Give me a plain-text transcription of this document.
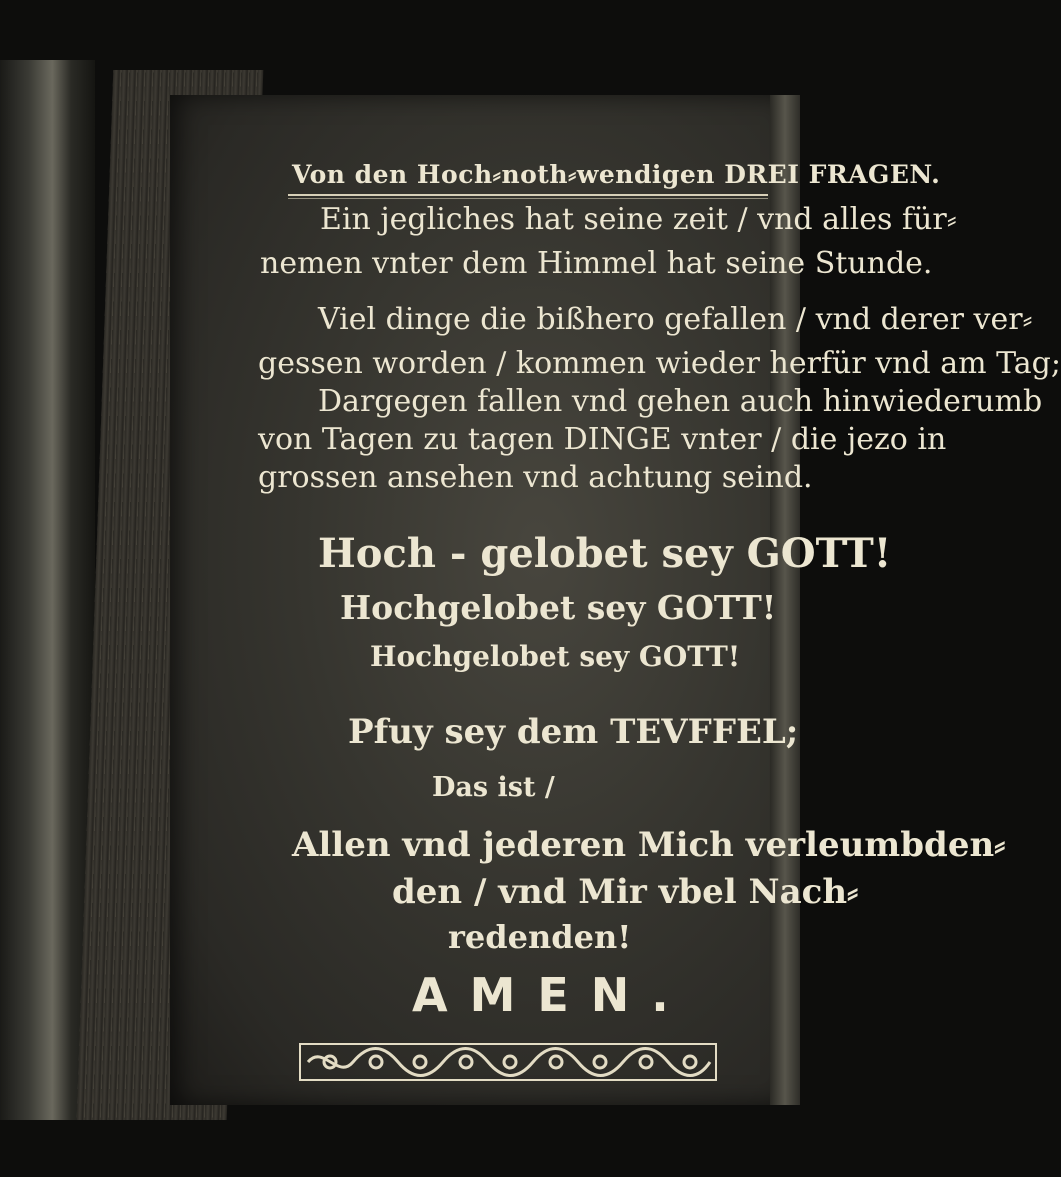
Von den Hoch⸗noth⸗wendigen DREI FRAGEN.
Ein jegliches hat seine zeit / vnd alles für⸗
nemen vnter dem Himmel hat seine Stunde.
Viel dinge die bißhero gefallen / vnd derer ver⸗
gessen worden / kommen wieder herfür vnd am Tag;
Dargegen fallen vnd gehen auch hinwiederumb
von Tagen zu tagen DINGE vnter / die jezo in
grossen ansehen vnd achtung seind.
Hoch - gelobet sey GOTT!
Hochgelobet sey GOTT!
Hochgelobet sey GOTT!
Pfuy sey dem TEVFFEL;
Das ist /
Allen vnd jederen Mich verleumbden⸗
den / vnd Mir vbel Nach⸗
redenden!
AMEN.
